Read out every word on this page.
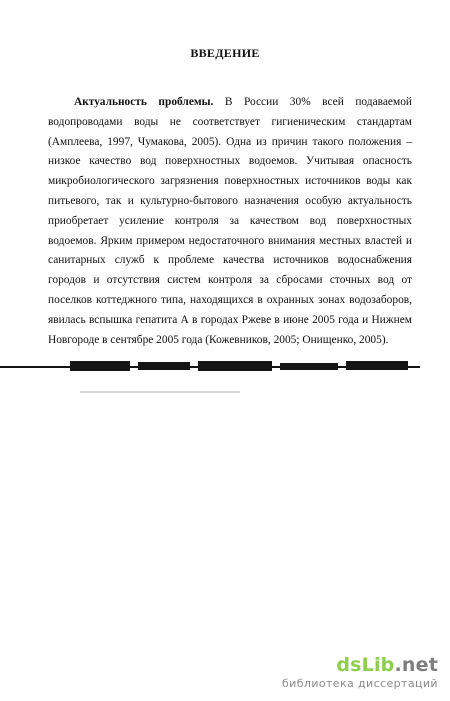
ВВЕДЕНИЕ
Актуальность проблемы. В России 30% всей подаваемой водопроводами воды не соответствует гигиеническим стандартам (Амплеева, 1997, Чумакова, 2005). Одна из причин такого положения – низкое качество вод поверхностных водоемов. Учитывая опасность микробиологического загрязнения поверхностных источников воды как питьевого, так и культурно-бытового назначения особую актуальность приобретает усиление контроля за качеством вод поверхностных водоемов. Ярким примером недостаточного внимания местных властей и санитарных служб к проблеме качества источников водоснабжения городов и отсутствия систем контроля за сбросами сточных вод от поселков коттеджного типа, находящихся в охранных зонах водозаборов, явилась вспышка гепатита А в городах Ржеве в июне 2005 года и Нижнем Новгороде в сентябре 2005 года (Кожевников, 2005; Онищенко, 2005).
dsLib.net
библиотека диссертаций
